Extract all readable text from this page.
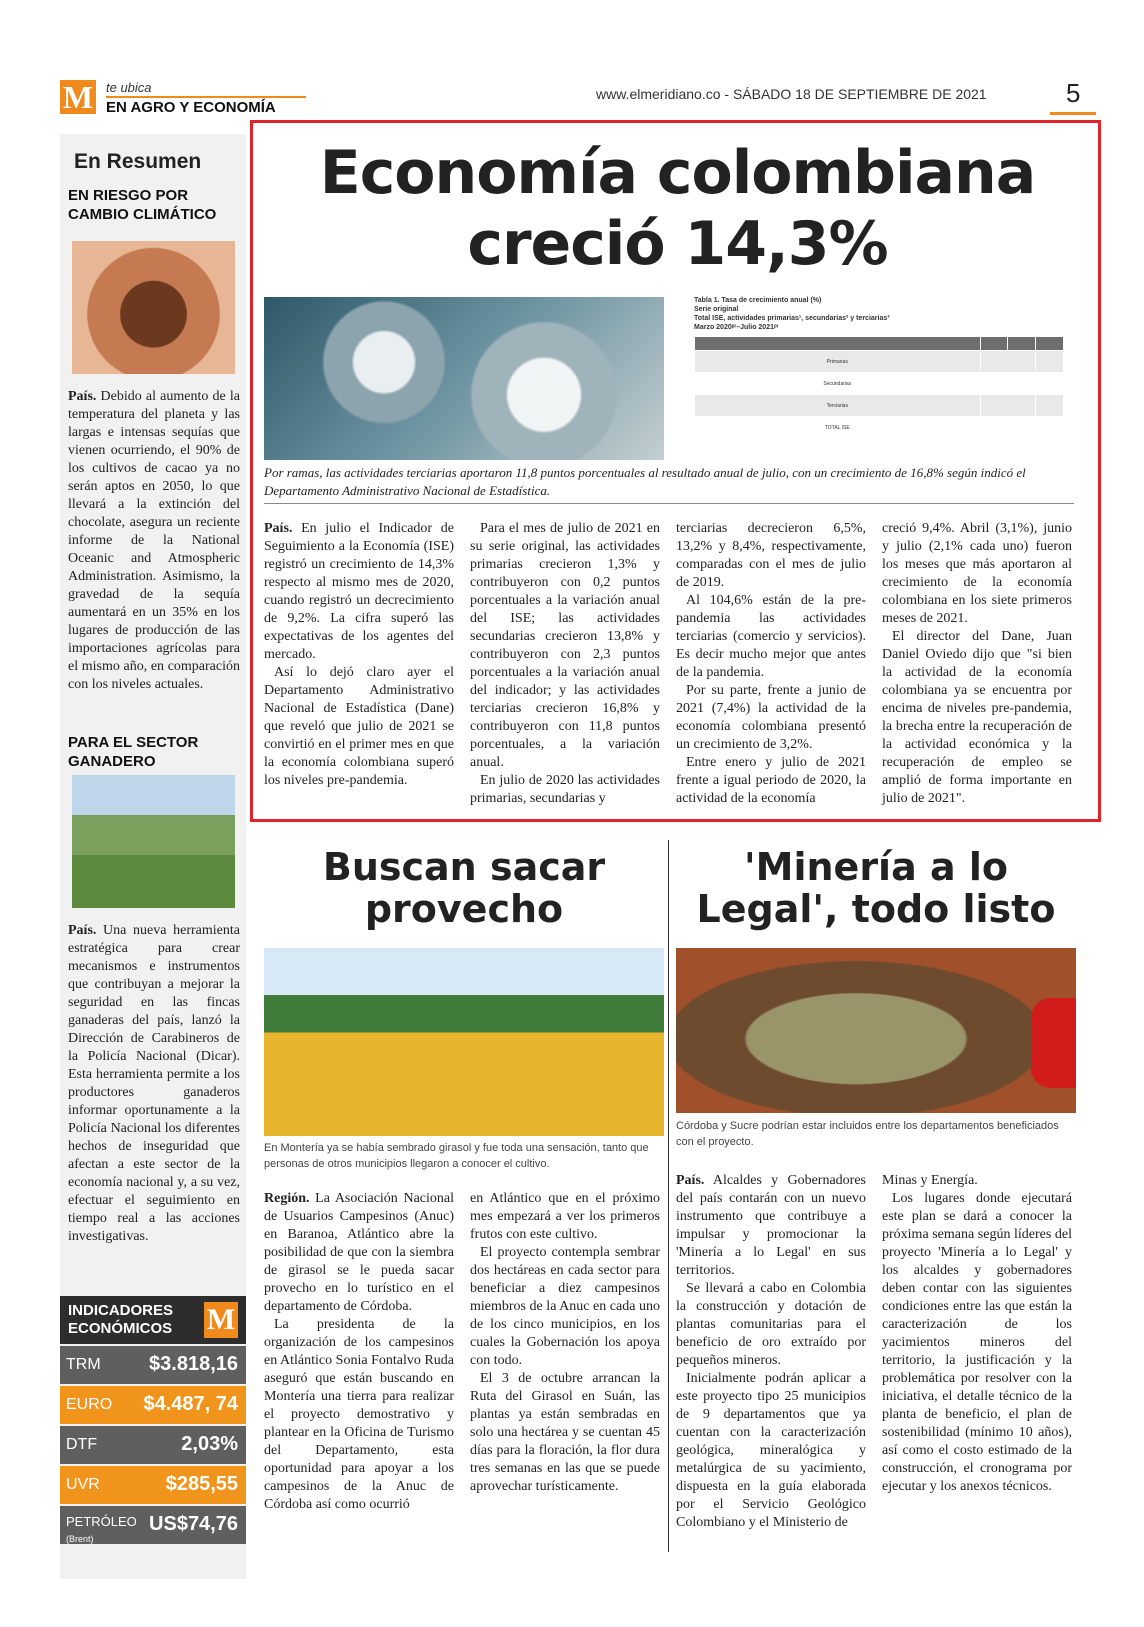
M te ubica
EN AGRO Y ECONOMÍA
www.elmeridiano.co - SÁBADO 18 DE SEPTIEMBRE DE 2021	5
En Resumen
EN RIESGO POR CAMBIO CLIMÁTICO
País. Debido al aumento de la temperatura del planeta y las largas e intensas sequías que vienen ocurriendo, el 90% de los cultivos de cacao ya no serán aptos en 2050, lo que llevará a la extinción del chocolate, asegura un reciente informe de la National Oceanic and Atmospheric Administration. Asimismo, la gravedad de la sequía aumentará en un 35% en los lugares de producción de las importaciones agrícolas para el mismo año, en comparación con los niveles actuales.
PARA EL SECTOR GANADERO
País. Una nueva herramienta estratégica para crear mecanismos e instrumentos que contribuyan a mejorar la seguridad en las fincas ganaderas del país, lanzó la Dirección de Carabineros de la Policía Nacional (Dicar). Esta herramienta permite a los productores ganaderos informar oportunamente a la Policía Nacional los diferentes hechos de inseguridad que afectan a este sector de la economía nacional y, a su vez, efectuar el seguimiento en tiempo real a las acciones investigativas.
INDICADORES ECONÓMICOS	M
TRM $3.818,16
EURO $4.487, 74
DTF	2,03%
UVR	$285,55
PETRÓLEO
(Brent)
US$74,76
Economía colombiana creció 14,3%
Tabla 1. Tasa de crecimiento anual (%)
Serie original
Total ISE, actividades primarias¹, secundarias² y terciarias³
Marzo 2020ᵖʳ–Julio 2021ᵖʳ

Primarias			
Secundarias			
Terciarias			
TOTAL ISE			
Por ramas, las actividades terciarias aportaron 11,8 puntos porcentuales al resultado anual de julio, con un crecimiento de 16,8% según indicó el Departamento Administrativo Nacional de Estadística.

País. En julio el Indicador de Seguimiento a la Economía (ISE) registró un crecimiento de 14,3% respecto al mismo mes de 2020, cuando registró un decrecimiento de 9,2%. La cifra superó las expectativas de los agentes del mercado.

Así lo dejó claro ayer el Departamento Administrativo Nacional de Estadística (Dane) que reveló que julio de 2021 se convirtió en el primer mes en que la economía colombiana superó los niveles pre-pandemia.

Para el mes de julio de 2021 en su serie original, las actividades primarias crecieron 1,3% y contribuyeron con 0,2 puntos porcentuales a la variación anual del ISE; las actividades secundarias crecieron 13,8% y contribuyeron con 2,3 puntos porcentuales a la variación anual del indicador; y las actividades terciarias crecieron 16,8% y contribuyeron con 11,8 puntos porcentuales, a la variación anual.

En julio de 2020 las actividades primarias, secundarias y

terciarias decrecieron 6,5%, 13,2% y 8,4%, respectivamente, comparadas con el mes de julio de 2019.

Al 104,6% están de la pre-pandemia las actividades terciarias (comercio y servicios). Es decir mucho mejor que antes de la pandemia.

Por su parte, frente a junio de 2021 (7,4%) la actividad de la economía colombiana presentó un crecimiento de 3,2%.

Entre enero y julio de 2021 frente a igual periodo de 2020, la actividad de la economía

creció 9,4%. Abril (3,1%), junio y julio (2,1% cada uno) fueron los meses que más aportaron al crecimiento de la economía colombiana en los siete primeros meses de 2021.

El director del Dane, Juan Daniel Oviedo dijo que "si bien la actividad de la economía colombiana ya se encuentra por encima de niveles pre-pandemia, la brecha entre la recuperación de la actividad económica y la recuperación de empleo se amplió de forma importante en julio de 2021".

Buscan sacar provecho
En Montería ya se había sembrado girasol y fue toda una sensación, tanto que personas de otros municipios llegaron a conocer el cultivo.

Región. La Asociación Nacional de Usuarios Campesinos (Anuc) en Baranoa, Atlántico abre la posibilidad de que con la siembra de girasol se le pueda sacar provecho en lo turístico en el departamento de Córdoba.

La presidenta de la organización de los campesinos en Atlántico Sonia Fontalvo Ruda aseguró que están buscando en Montería una tierra para realizar el proyecto demostrativo y plantear en la Oficina de Turismo del Departamento, esta oportunidad para apoyar a los campesinos de la Anuc de Córdoba así como ocurrió

en Atlántico que en el próximo mes empezará a ver los primeros frutos con este cultivo.

El proyecto contempla sembrar dos hectáreas en cada sector para beneficiar a diez campesinos miembros de la Anuc en cada uno de los cinco municipios, en los cuales la Gobernación los apoya con todo.

El 3 de octubre arrancan la Ruta del Girasol en Suán, las plantas ya están sembradas en solo una hectárea y se cuentan 45 días para la floración, la flor dura tres semanas en las que se puede aprovechar turísticamente.

'Minería a lo Legal', todo listo
Córdoba y Sucre podrían estar incluidos entre los departamentos beneficiados con el proyecto.

País. Alcaldes y Gobernadores del país contarán con un nuevo instrumento que contribuye a impulsar y promocionar la 'Minería a lo Legal' en sus territorios.

Se llevará a cabo en Colombia la construcción y dotación de plantas comunitarias para el beneficio de oro extraído por pequeños mineros.

Inicialmente podrán aplicar a este proyecto tipo 25 municipios de 9 departamentos que ya cuentan con la caracterización geológica, mineralógica y metalúrgica de su yacimiento, dispuesta en la guía elaborada por el Servicio Geológico Colombiano y el Ministerio de

Minas y Energía.

Los lugares donde ejecutará este plan se dará a conocer la próxima semana según líderes del proyecto 'Minería a lo Legal' y los alcaldes y gobernadores deben contar con las siguientes condiciones entre las que están la caracterización de los yacimientos mineros del territorio, la justificación y la problemática por resolver con la iniciativa, el detalle técnico de la planta de beneficio, el plan de sostenibilidad (mínimo 10 años), así como el costo estimado de la construcción, el cronograma por ejecutar y los anexos técnicos.
